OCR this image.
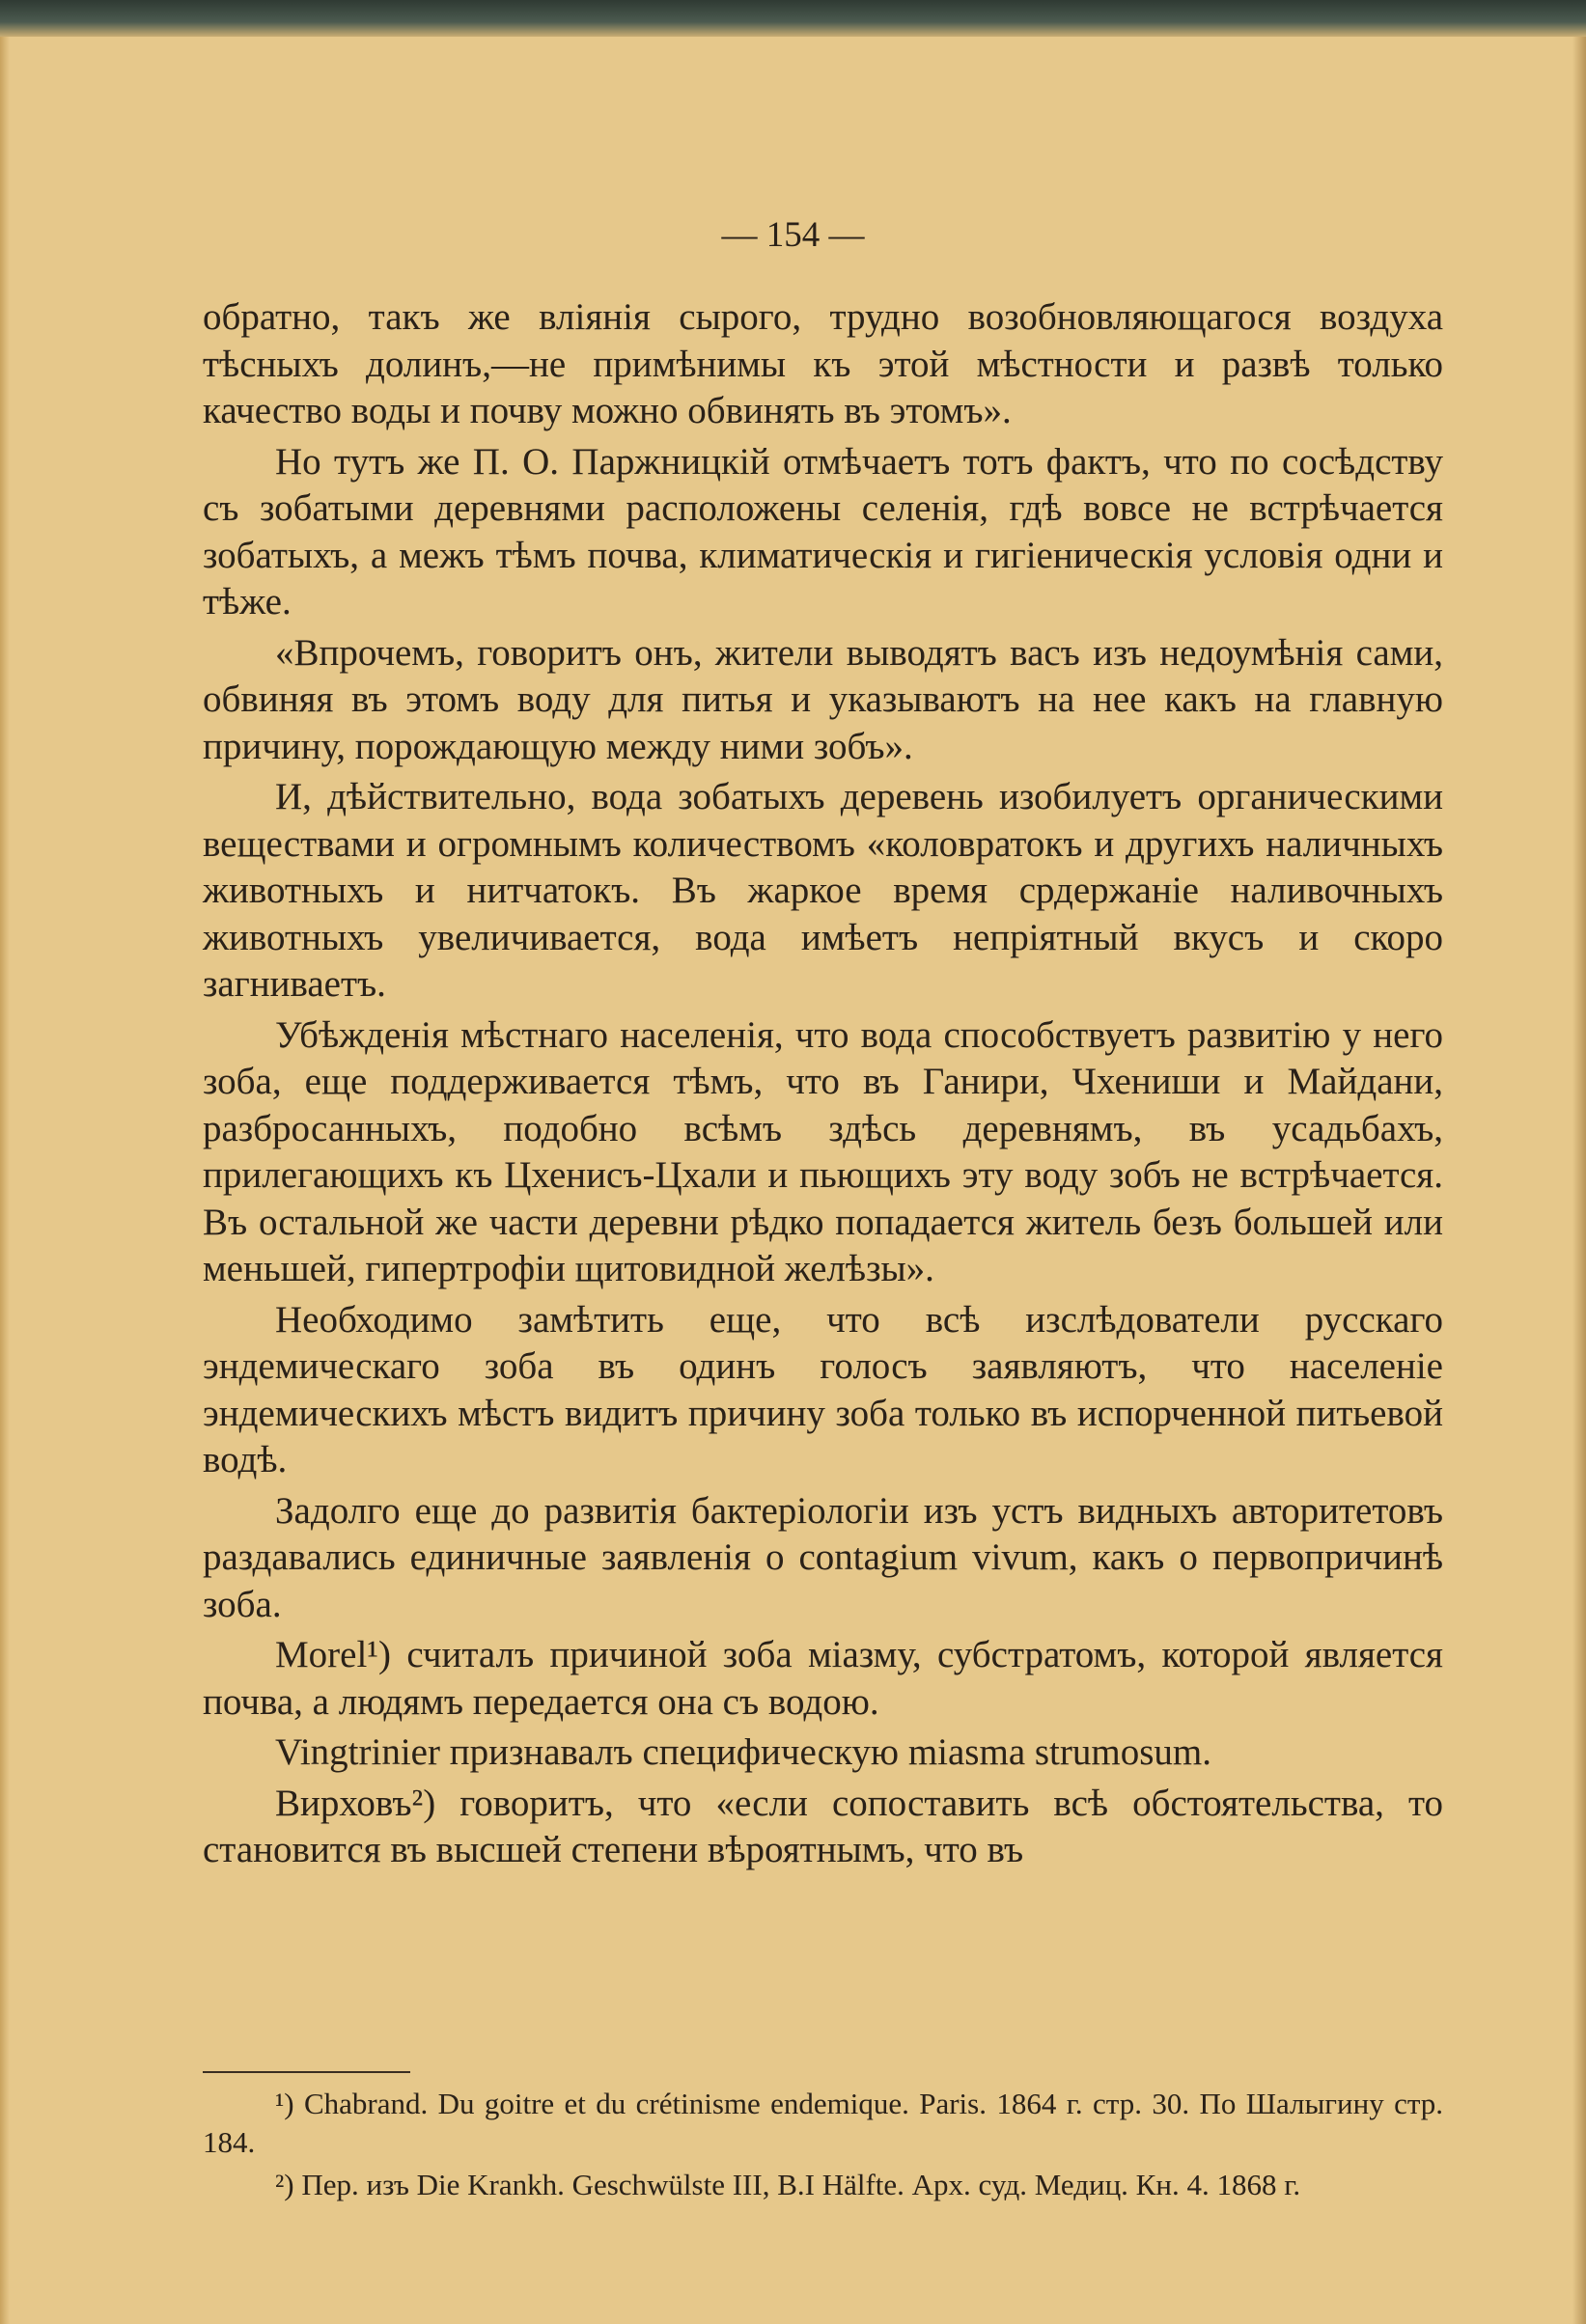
— 154 —

обратно, такъ же вліянія сырого, трудно возобновляющагося воздуха тѣсныхъ долинъ,—не примѣнимы къ этой мѣстности и развѣ только качество воды и почву можно обвинять въ этомъ».

Но тутъ же П. О. Паржницкій отмѣчаетъ тотъ фактъ, что по сосѣдству съ зобатыми деревнями расположены селенія, гдѣ вовсе не встрѣчается зобатыхъ, а межъ тѣмъ почва, климатическія и гигіеническія условія одни и тѣже.

«Впрочемъ, говоритъ онъ, жители выводятъ васъ изъ недоумѣнія сами, обвиняя въ этомъ воду для питья и указываютъ на нее какъ на главную причину, порождающую между ними зобъ».

И, дѣйствительно, вода зобатыхъ деревень изобилуетъ органическими веществами и огромнымъ количествомъ «коловратокъ и другихъ наличныхъ животныхъ и нитчатокъ. Въ жаркое время срдержаніе наливочныхъ животныхъ увеличивается, вода имѣетъ непріятный вкусъ и скоро загниваетъ.

Убѣжденія мѣстнаго населенія, что вода способствуетъ развитію у него зоба, еще поддерживается тѣмъ, что въ Ганири, Чхениши и Майдани, разбросанныхъ, подобно всѣмъ здѣсь деревнямъ, въ усадьбахъ, прилегающихъ къ Цхенисъ-Цхали и пьющихъ эту воду зобъ не встрѣчается. Въ остальной же части деревни рѣдко попадается житель безъ большей или меньшей, гипертрофіи щитовидной желѣзы».

Необходимо замѣтить еще, что всѣ изслѣдователи русскаго эндемическаго зоба въ одинъ голосъ заявляютъ, что населеніе эндемическихъ мѣстъ видитъ причину зоба только въ испорченной питьевой водѣ.

Задолго еще до развитія бактеріологіи изъ устъ видныхъ авторитетовъ раздавались единичные заявленія о contagium vivum, какъ о первопричинѣ зоба.

Morel¹) считалъ причиной зоба міазму, субстратомъ, которой является почва, а людямъ передается она съ водою.

Vingtrinier признавалъ специфическую miasma strumosum.

Вирховъ²) говоритъ, что «если сопоставить всѣ обстоятельства, то становится въ высшей степени вѣроятнымъ, что въ

¹) Chabrand. Du goitre et du crétinisme endemique. Paris. 1864 г. стр. 30. По Шалыгину стр. 184.

²) Пер. изъ Die Krankh. Geschwülste III, B.I Hälfte. Арх. суд. Медиц. Кн. 4. 1868 г.
